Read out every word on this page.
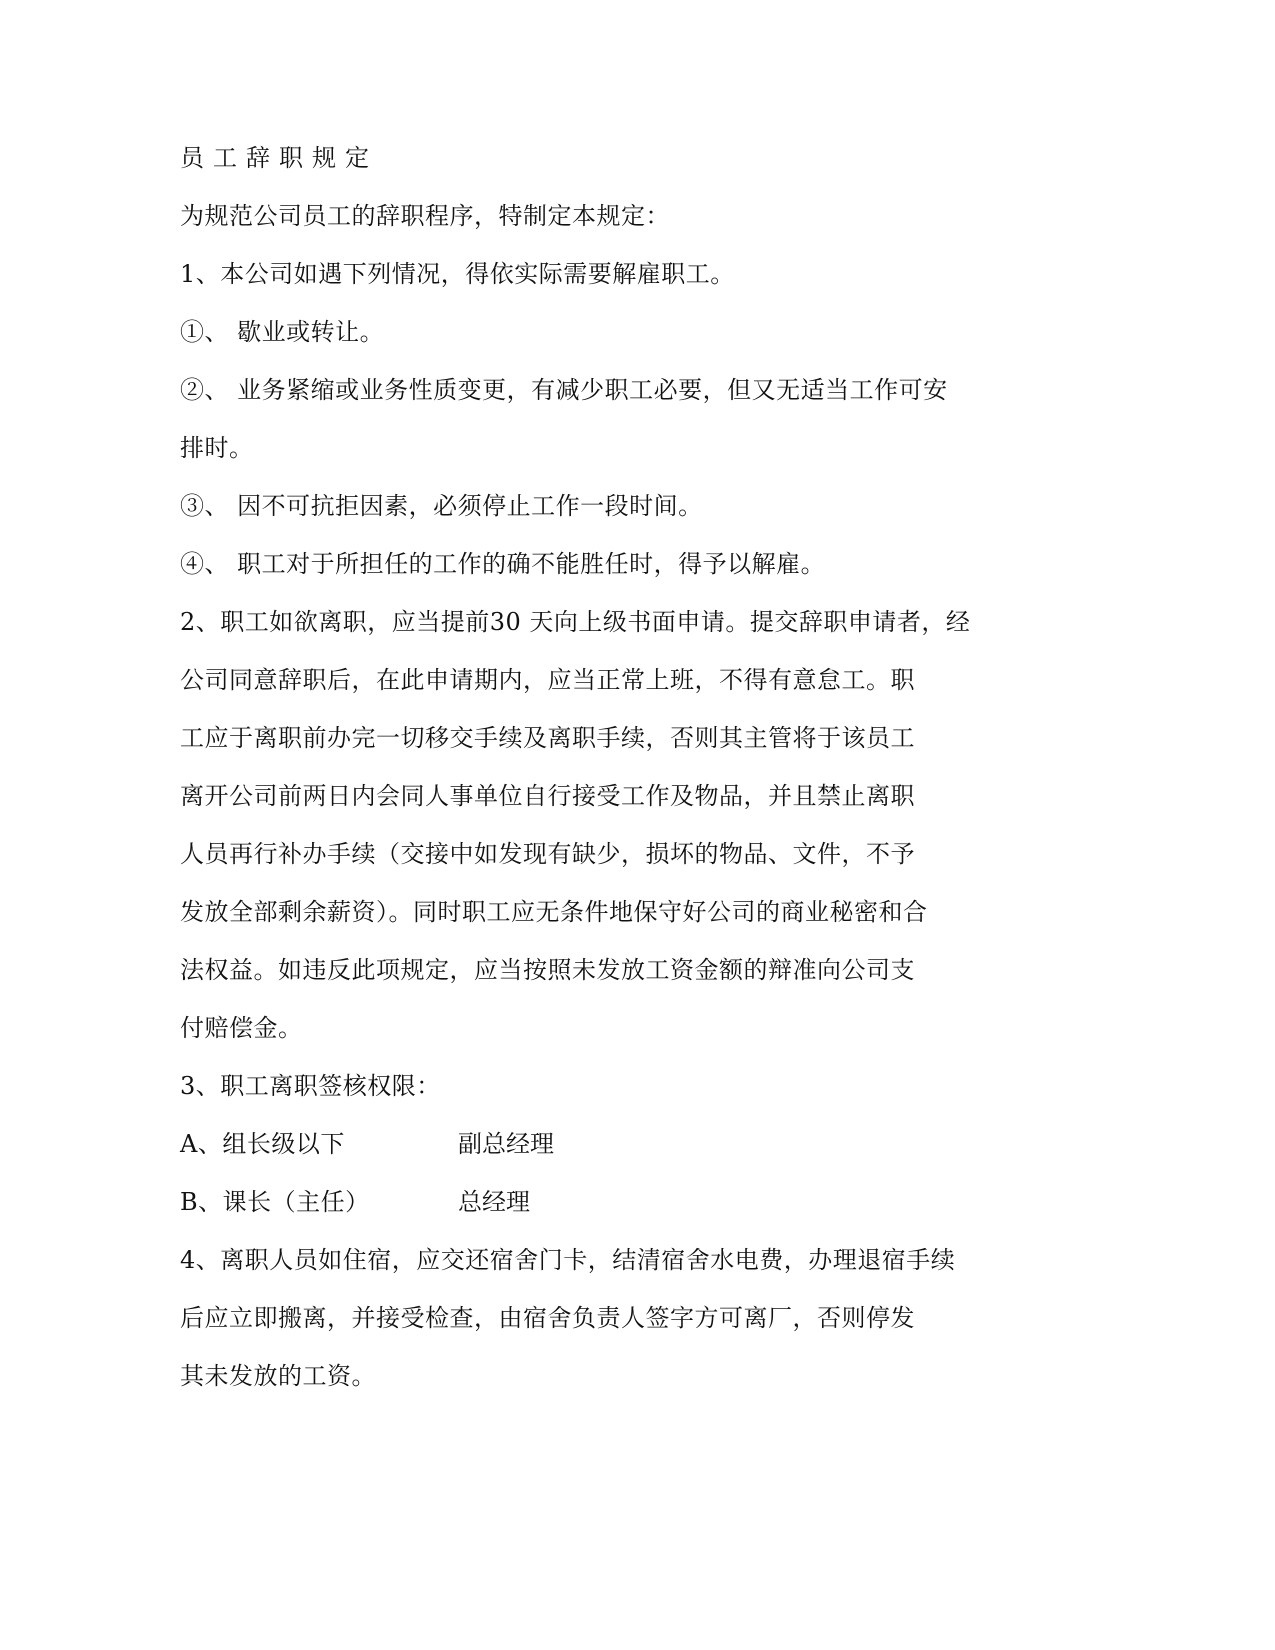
员工辞职规定
为规范公司员工的辞职程序，特制定本规定：
1、本公司如遇下列情况，得依实际需要解雇职工。
①、 歇业或转让。
②、 业务紧缩或业务性质变更，有减少职工必要，但又无适当工作可安
排时。
③、 因不可抗拒因素，必须停止工作一段时间。
④、 职工对于所担任的工作的确不能胜任时，得予以解雇。
2、职工如欲离职，应当提前30 天向上级书面申请。提交辞职申请者，经
公司同意辞职后，在此申请期内，应当正常上班，不得有意怠工。职
工应于离职前办完一切移交手续及离职手续，否则其主管将于该员工
离开公司前两日内会同人事单位自行接受工作及物品，并且禁止离职
人员再行补办手续（交接中如发现有缺少，损坏的物品、文件，不予
发放全部剩余薪资）。同时职工应无条件地保守好公司的商业秘密和合
法权益。如违反此项规定，应当按照未发放工资金额的辩准向公司支
付赔偿金。
3、职工离职签核权限：
A、组长级以下	副总经理
B、课长（主任）	总经理
4、离职人员如住宿，应交还宿舍门卡，结清宿舍水电费，办理退宿手续
后应立即搬离，并接受检查，由宿舍负责人签字方可离厂，否则停发
其未发放的工资。
